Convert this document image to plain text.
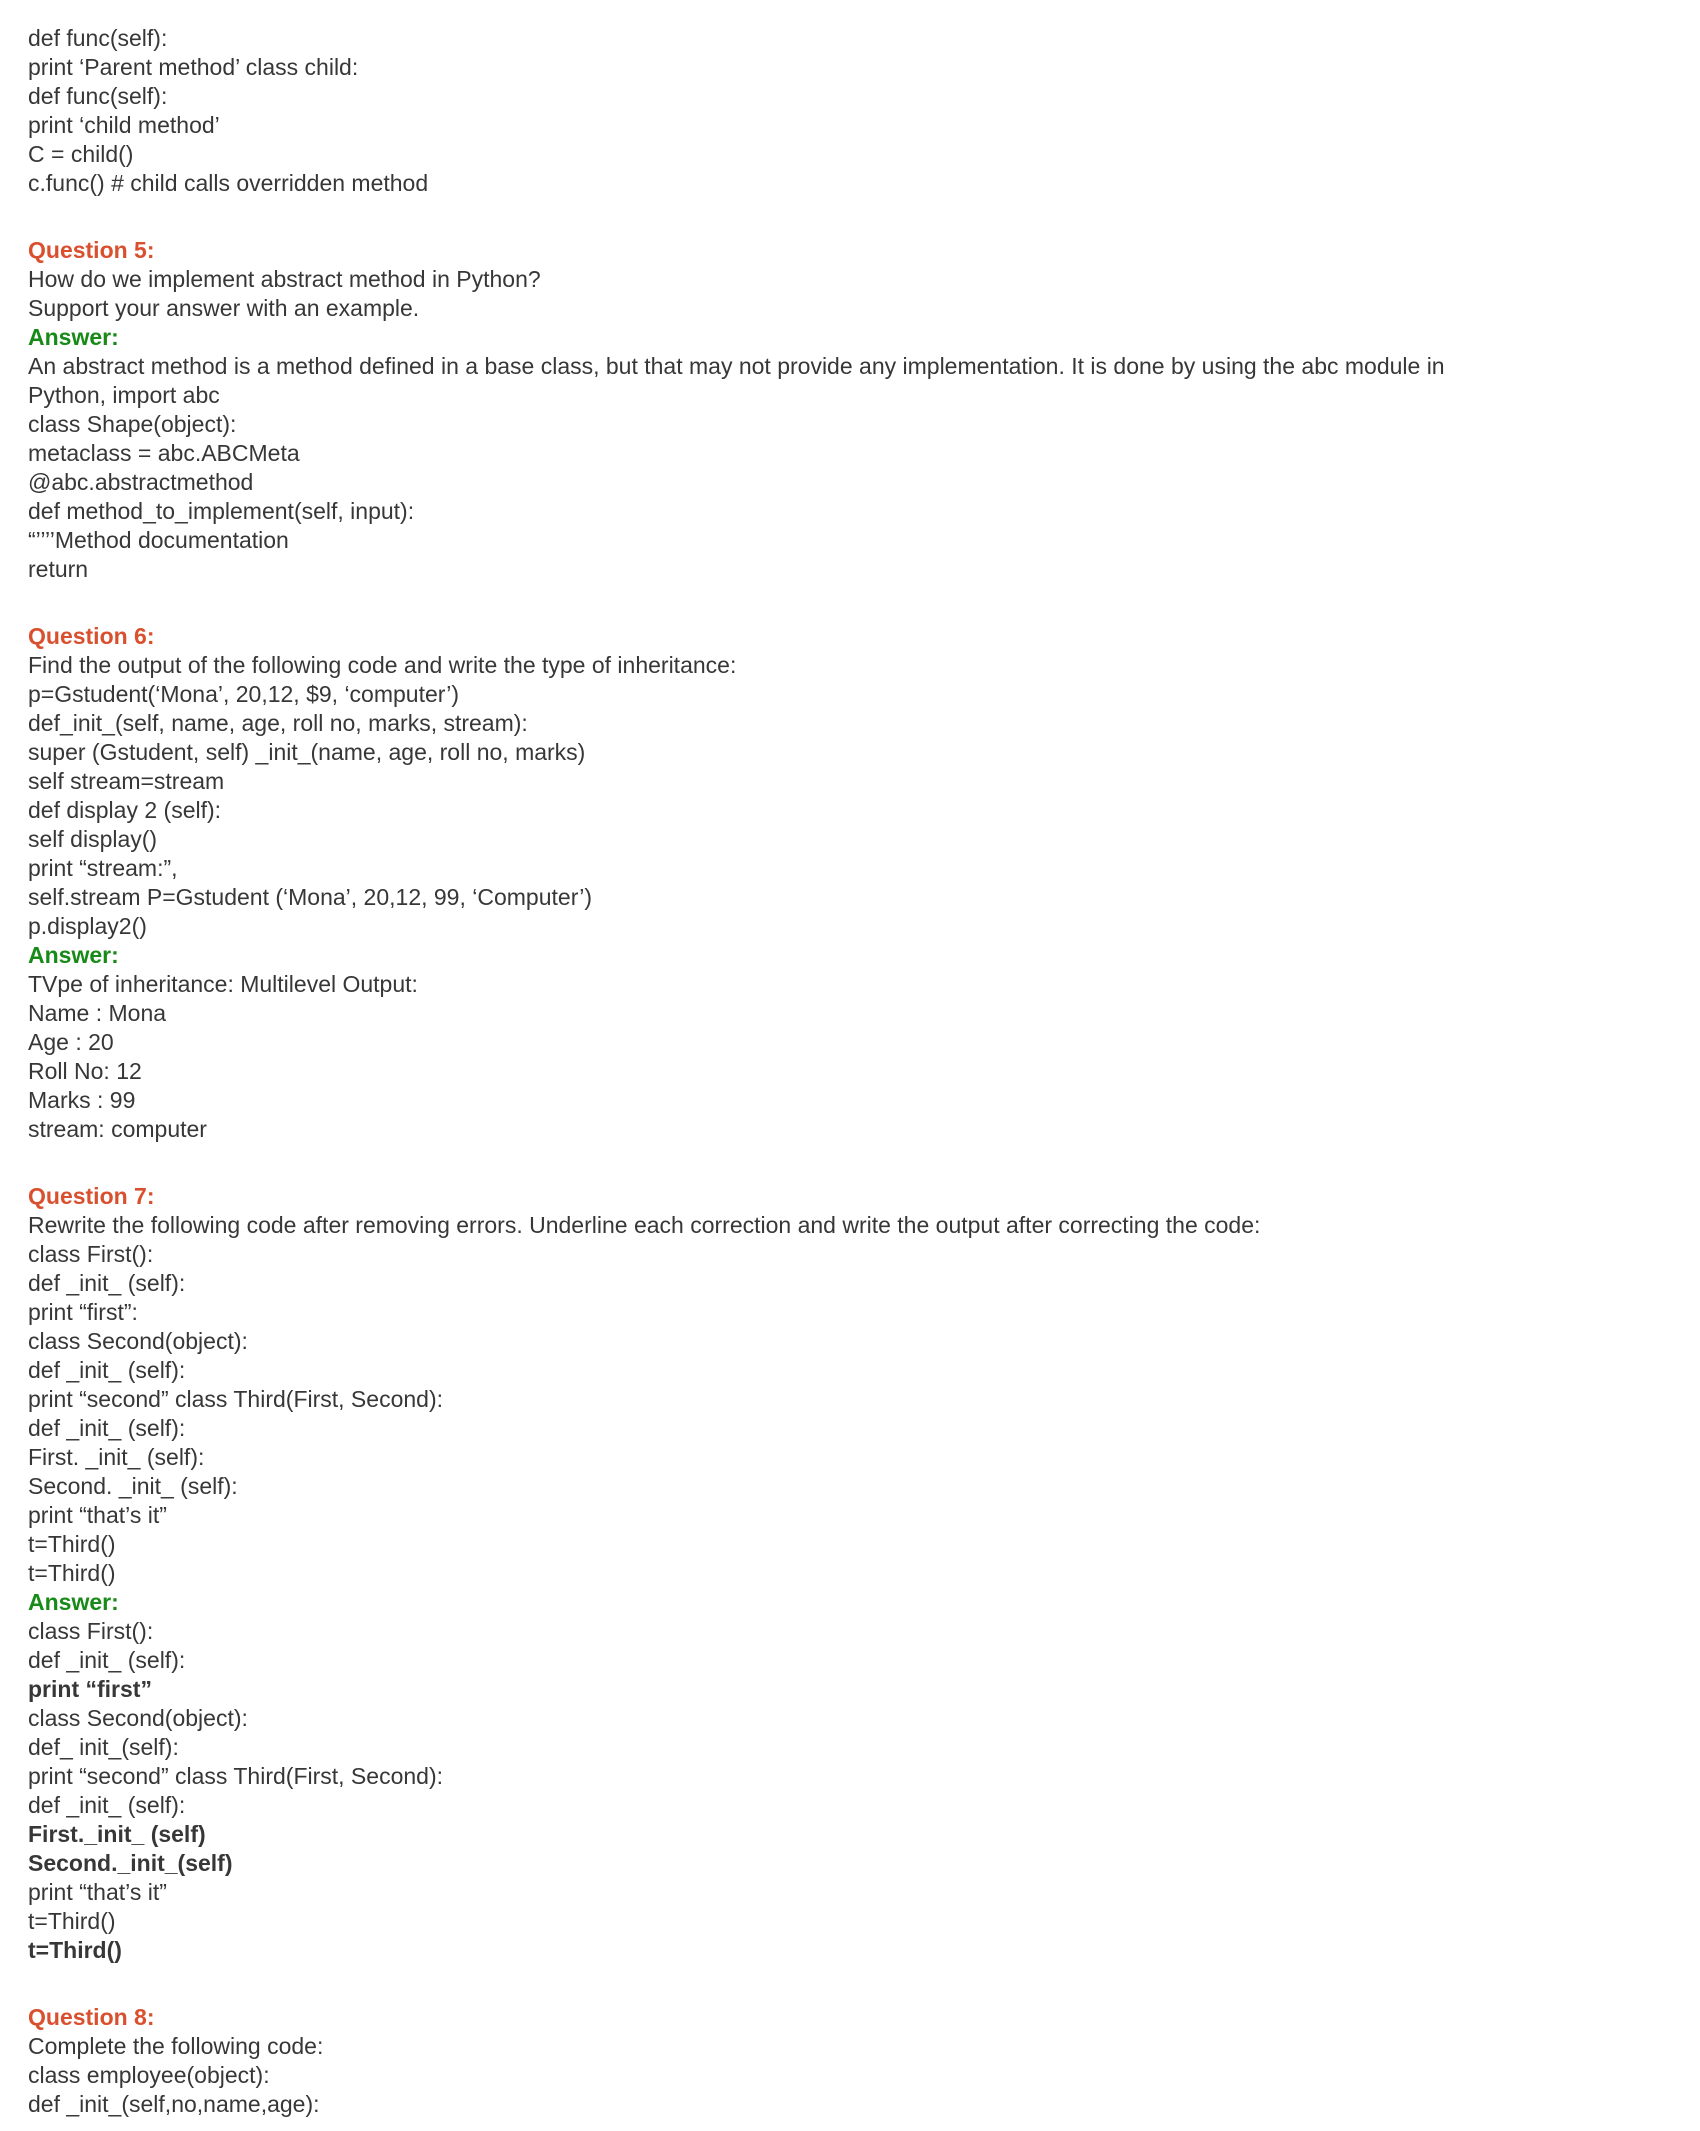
def func(self):
print ‘Parent method’ class child:
def func(self):
print ‘child method’
C = child()
c.func() # child calls overridden method
Question 5:
How do we implement abstract method in Python?
Support your answer with an example.
Answer:
An abstract method is a method defined in a base class, but that may not provide any implementation. It is done by using the abc module in
Python, import abc
class Shape(object):
metaclass = abc.ABCMeta
@abc.abstractmethod
def method_to_implement(self, input):
“’’’’Method documentation
return
Question 6:
Find the output of the following code and write the type of inheritance:
p=Gstudent(‘Mona’, 20,12, $9, ‘computer’)
def_init_(self, name, age, roll no, marks, stream):
super (Gstudent, self) _init_(name, age, roll no, marks)
self stream=stream
def display 2 (self):
self display()
print “stream:”,
self.stream P=Gstudent (‘Mona’, 20,12, 99, ‘Computer’)
p.display2()
Answer:
TVpe of inheritance: Multilevel Output:
Name : Mona
Age : 20
Roll No: 12
Marks : 99
stream: computer
Question 7:
Rewrite the following code after removing errors. Underline each correction and write the output after correcting the code:
class First():
def _init_ (self):
print “first”:
class Second(object):
def _init_ (self):
print “second” class Third(First, Second):
def _init_ (self):
First. _init_ (self):
Second. _init_ (self):
print “that’s it”
t=Third()
t=Third()
Answer:
class First():
def _init_ (self):
print “first”
class Second(object):
def_ init_(self):
print “second” class Third(First, Second):
def _init_ (self):
First._init_ (self)
Second._init_(self)
print “that’s it”
t=Third()
t=Third()
Question 8:
Complete the following code:
class employee(object):
def _init_(self,no,name,age):
